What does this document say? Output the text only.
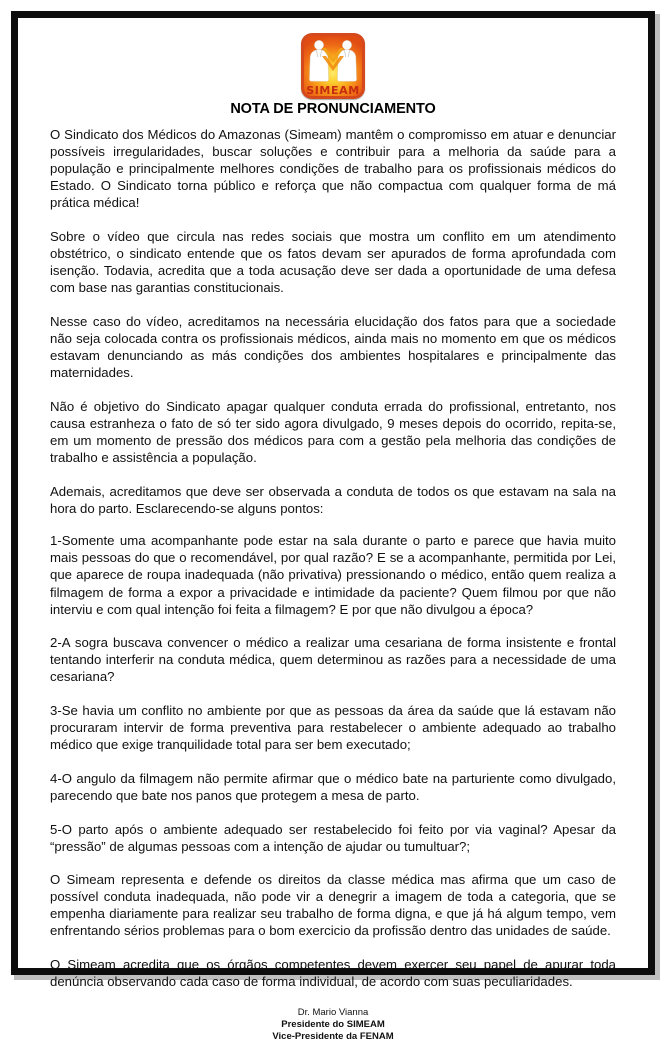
SIMEAM
NOTA DE PRONUNCIAMENTO

O Sindicato dos Médicos do Amazonas (Simeam) mantêm o compromisso em atuar e denunciar possíveis irregularidades, buscar soluções e contribuir para a melhoria da saúde para a população e principalmente melhores condições de trabalho para os profissionais médicos do Estado. O Sindicato torna público e reforça que não compactua com qualquer forma de má prática médica!

Sobre o vídeo que circula nas redes sociais que mostra um conflito em um atendimento obstétrico, o sindicato entende que os fatos devam ser apurados de forma aprofundada com isenção. Todavia, acredita que a toda acusação deve ser dada a oportunidade de uma defesa com base nas garantias constitucionais.

Nesse caso do vídeo, acreditamos na necessária elucidação dos fatos para que a sociedade não seja colocada contra os profissionais médicos, ainda mais no momento em que os médicos estavam denunciando as más condições dos ambientes hospitalares e principalmente das maternidades.

Não é objetivo do Sindicato apagar qualquer conduta errada do profissional, entretanto, nos causa estranheza o fato de só ter sido agora divulgado, 9 meses depois do ocorrido, repita-se, em um momento de pressão dos médicos para com a gestão pela melhoria das condições de trabalho e assistência a população.

Ademais, acreditamos que deve ser observada a conduta de todos os que estavam na sala na hora do parto. Esclarecendo-se alguns pontos:

1-Somente uma acompanhante pode estar na sala durante o parto e parece que havia muito mais pessoas do que o recomendável, por qual razão? E se a acompanhante, permitida por Lei, que aparece de roupa inadequada (não privativa) pressionando o médico, então quem realiza a filmagem de forma a expor a privacidade e intimidade da paciente? Quem filmou por que não interviu e com qual intenção foi feita a filmagem? E por que não divulgou a época?

2-A sogra buscava convencer o médico a realizar uma cesariana de forma insistente e frontal tentando interferir na conduta médica, quem determinou as razões para a necessidade de uma cesariana?

3-Se havia um conflito no ambiente por que as pessoas da área da saúde que lá estavam não procuraram intervir de forma preventiva para restabelecer o ambiente adequado ao trabalho médico que exige tranquilidade total para ser bem executado;

4-O angulo da filmagem não permite afirmar que o médico bate na parturiente como divulgado, parecendo que bate nos panos que protegem a mesa de parto.

5-O parto após o ambiente adequado ser restabelecido foi feito por via vaginal? Apesar da “pressão” de algumas pessoas com a intenção de ajudar ou tumultuar?;

O Simeam representa e defende os direitos da classe médica mas afirma que um caso de possível conduta inadequada, não pode vir a denegrir a imagem de toda a categoria, que se empenha diariamente para realizar seu trabalho de forma digna, e que já há algum tempo, vem enfrentando sérios problemas para o bom exercicio da profissão dentro das unidades de saúde.

O Simeam acredita que os órgãos competentes devem exercer seu papel de apurar toda denúncia observando cada caso de forma individual, de acordo com suas peculiaridades.

Dr. Mario Vianna
Presidente do SIMEAM
Vice-Presidente da FENAM
